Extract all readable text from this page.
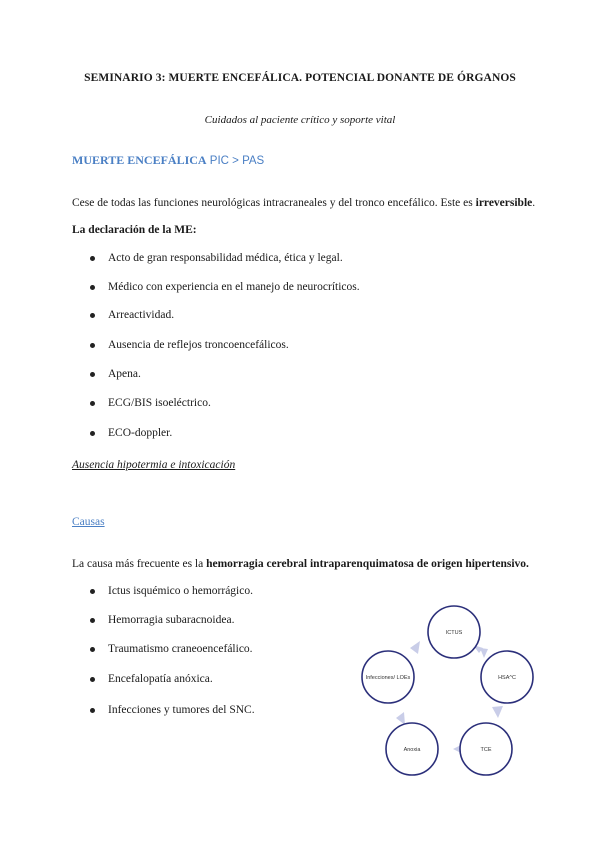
SEMINARIO 3: MUERTE ENCEFÁLICA. POTENCIAL DONANTE DE ÓRGANOS
Cuidados al paciente crítico y soporte vital
MUERTE ENCEFÁLICA PIC > PAS
Cese de todas las funciones neurológicas intracraneales y del tronco encefálico. Este es irreversible.
La declaración de la ME:
Acto de gran responsabilidad médica, ética y legal.
Médico con experiencia en el manejo de neurocríticos.
Arreactividad.
Ausencia de reflejos troncoencefálicos.
Apena.
ECG/BIS isoeléctrico.
ECO-doppler.
Ausencia hipotermia e intoxicación
Causas
La causa más frecuente es la hemorragia cerebral intraparenquimatosa de origen hipertensivo.
Ictus isquémico o hemorrágico.
Hemorragia subaracnoidea.
Traumatismo craneoencefálico.
Encefalopatía anóxica.
Infecciones y tumores del SNC.
ICTUS
HSA^C
TCE
Anoxia
Infecciones/ LOEs
